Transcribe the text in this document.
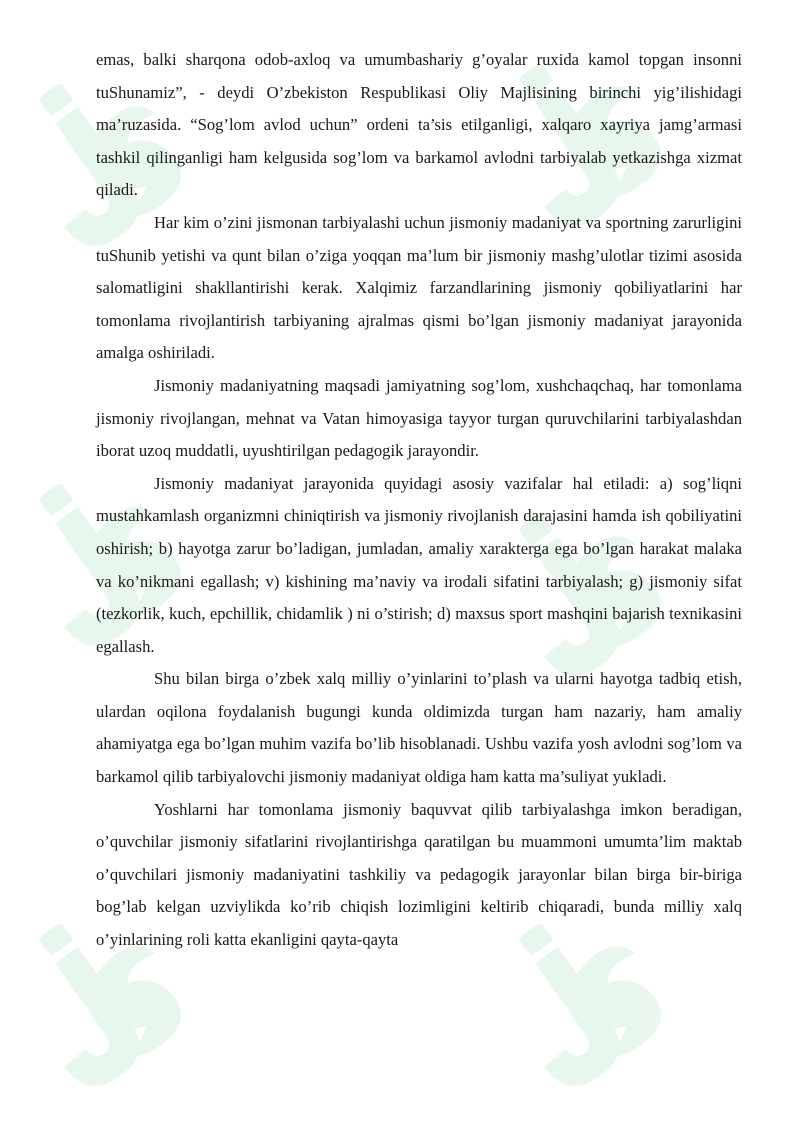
emas, balki sharqona odob-axloq va umumbashariy g’oyalar ruxida kamol topgan insonni tuShunamiz”, - deydi O’zbekiston Respublikasi Oliy Majlisining birinchi yig’ilishidagi ma’ruzasida. “Sog’lom avlod uchun” ordeni ta’sis etilganligi, xalqaro xayriya jamg’armasi tashkil qilinganligi ham kelgusida sog’lom va barkamol avlodni tarbiyalab yetkazishga xizmat qiladi.

Har kim o’zini jismonan tarbiyalashi uchun jismoniy madaniyat va sportning zarurligini tuShunib yetishi va qunt bilan o’ziga yoqqan ma’lum bir jismoniy mashg’ulotlar tizimi asosida salomatligini shakllantirishi kerak. Xalqimiz farzandlarining jismoniy qobiliyatlarini har tomonlama rivojlantirish tarbiyaning ajralmas qismi bo’lgan jismoniy madaniyat jarayonida amalga oshiriladi.

Jismoniy madaniyatning maqsadi jamiyatning sog’lom, xushchaqchaq, har tomonlama jismoniy rivojlangan, mehnat va Vatan himoyasiga tayyor turgan quruvchilarini tarbiyalashdan iborat uzoq muddatli, uyushtirilgan pedagogik jarayondir.

Jismoniy madaniyat jarayonida quyidagi asosiy vazifalar hal etiladi: a) sog’liqni mustahkamlash organizmni chiniqtirish va jismoniy rivojlanish darajasini hamda ish qobiliyatini oshirish; b) hayotga zarur bo’ladigan, jumladan, amaliy xarakterga ega bo’lgan harakat malaka va ko’nikmani egallash; v) kishining ma’naviy va irodali sifatini tarbiyalash; g) jismoniy sifat (tezkorlik, kuch, epchillik, chidamlik ) ni o’stirish; d) maxsus sport mashqini bajarish texnikasini egallash.

Shu bilan birga o’zbek xalq milliy o’yinlarini to’plash va ularni hayotga tadbiq etish, ulardan oqilona foydalanish bugungi kunda oldimizda turgan ham nazariy, ham amaliy ahamiyatga ega bo’lgan muhim vazifa bo’lib hisoblanadi. Ushbu vazifa yosh avlodni sog’lom va barkamol qilib tarbiyalovchi jismoniy madaniyat oldiga ham katta ma’suliyat yukladi.

Yoshlarni har tomonlama jismoniy baquvvat qilib tarbiyalashga imkon beradigan, o’quvchilar jismoniy sifatlarini rivojlantirishga qaratilgan bu muammoni umumta’lim maktab o’quvchilari jismoniy madaniyatini tashkiliy va pedagogik jarayonlar bilan birga bir-biriga bog’lab kelgan uzviylikda ko’rib chiqish lozimligini keltirib chiqaradi, bunda milliy xalq o’yinlarining roli katta ekanligini qayta-qayta
